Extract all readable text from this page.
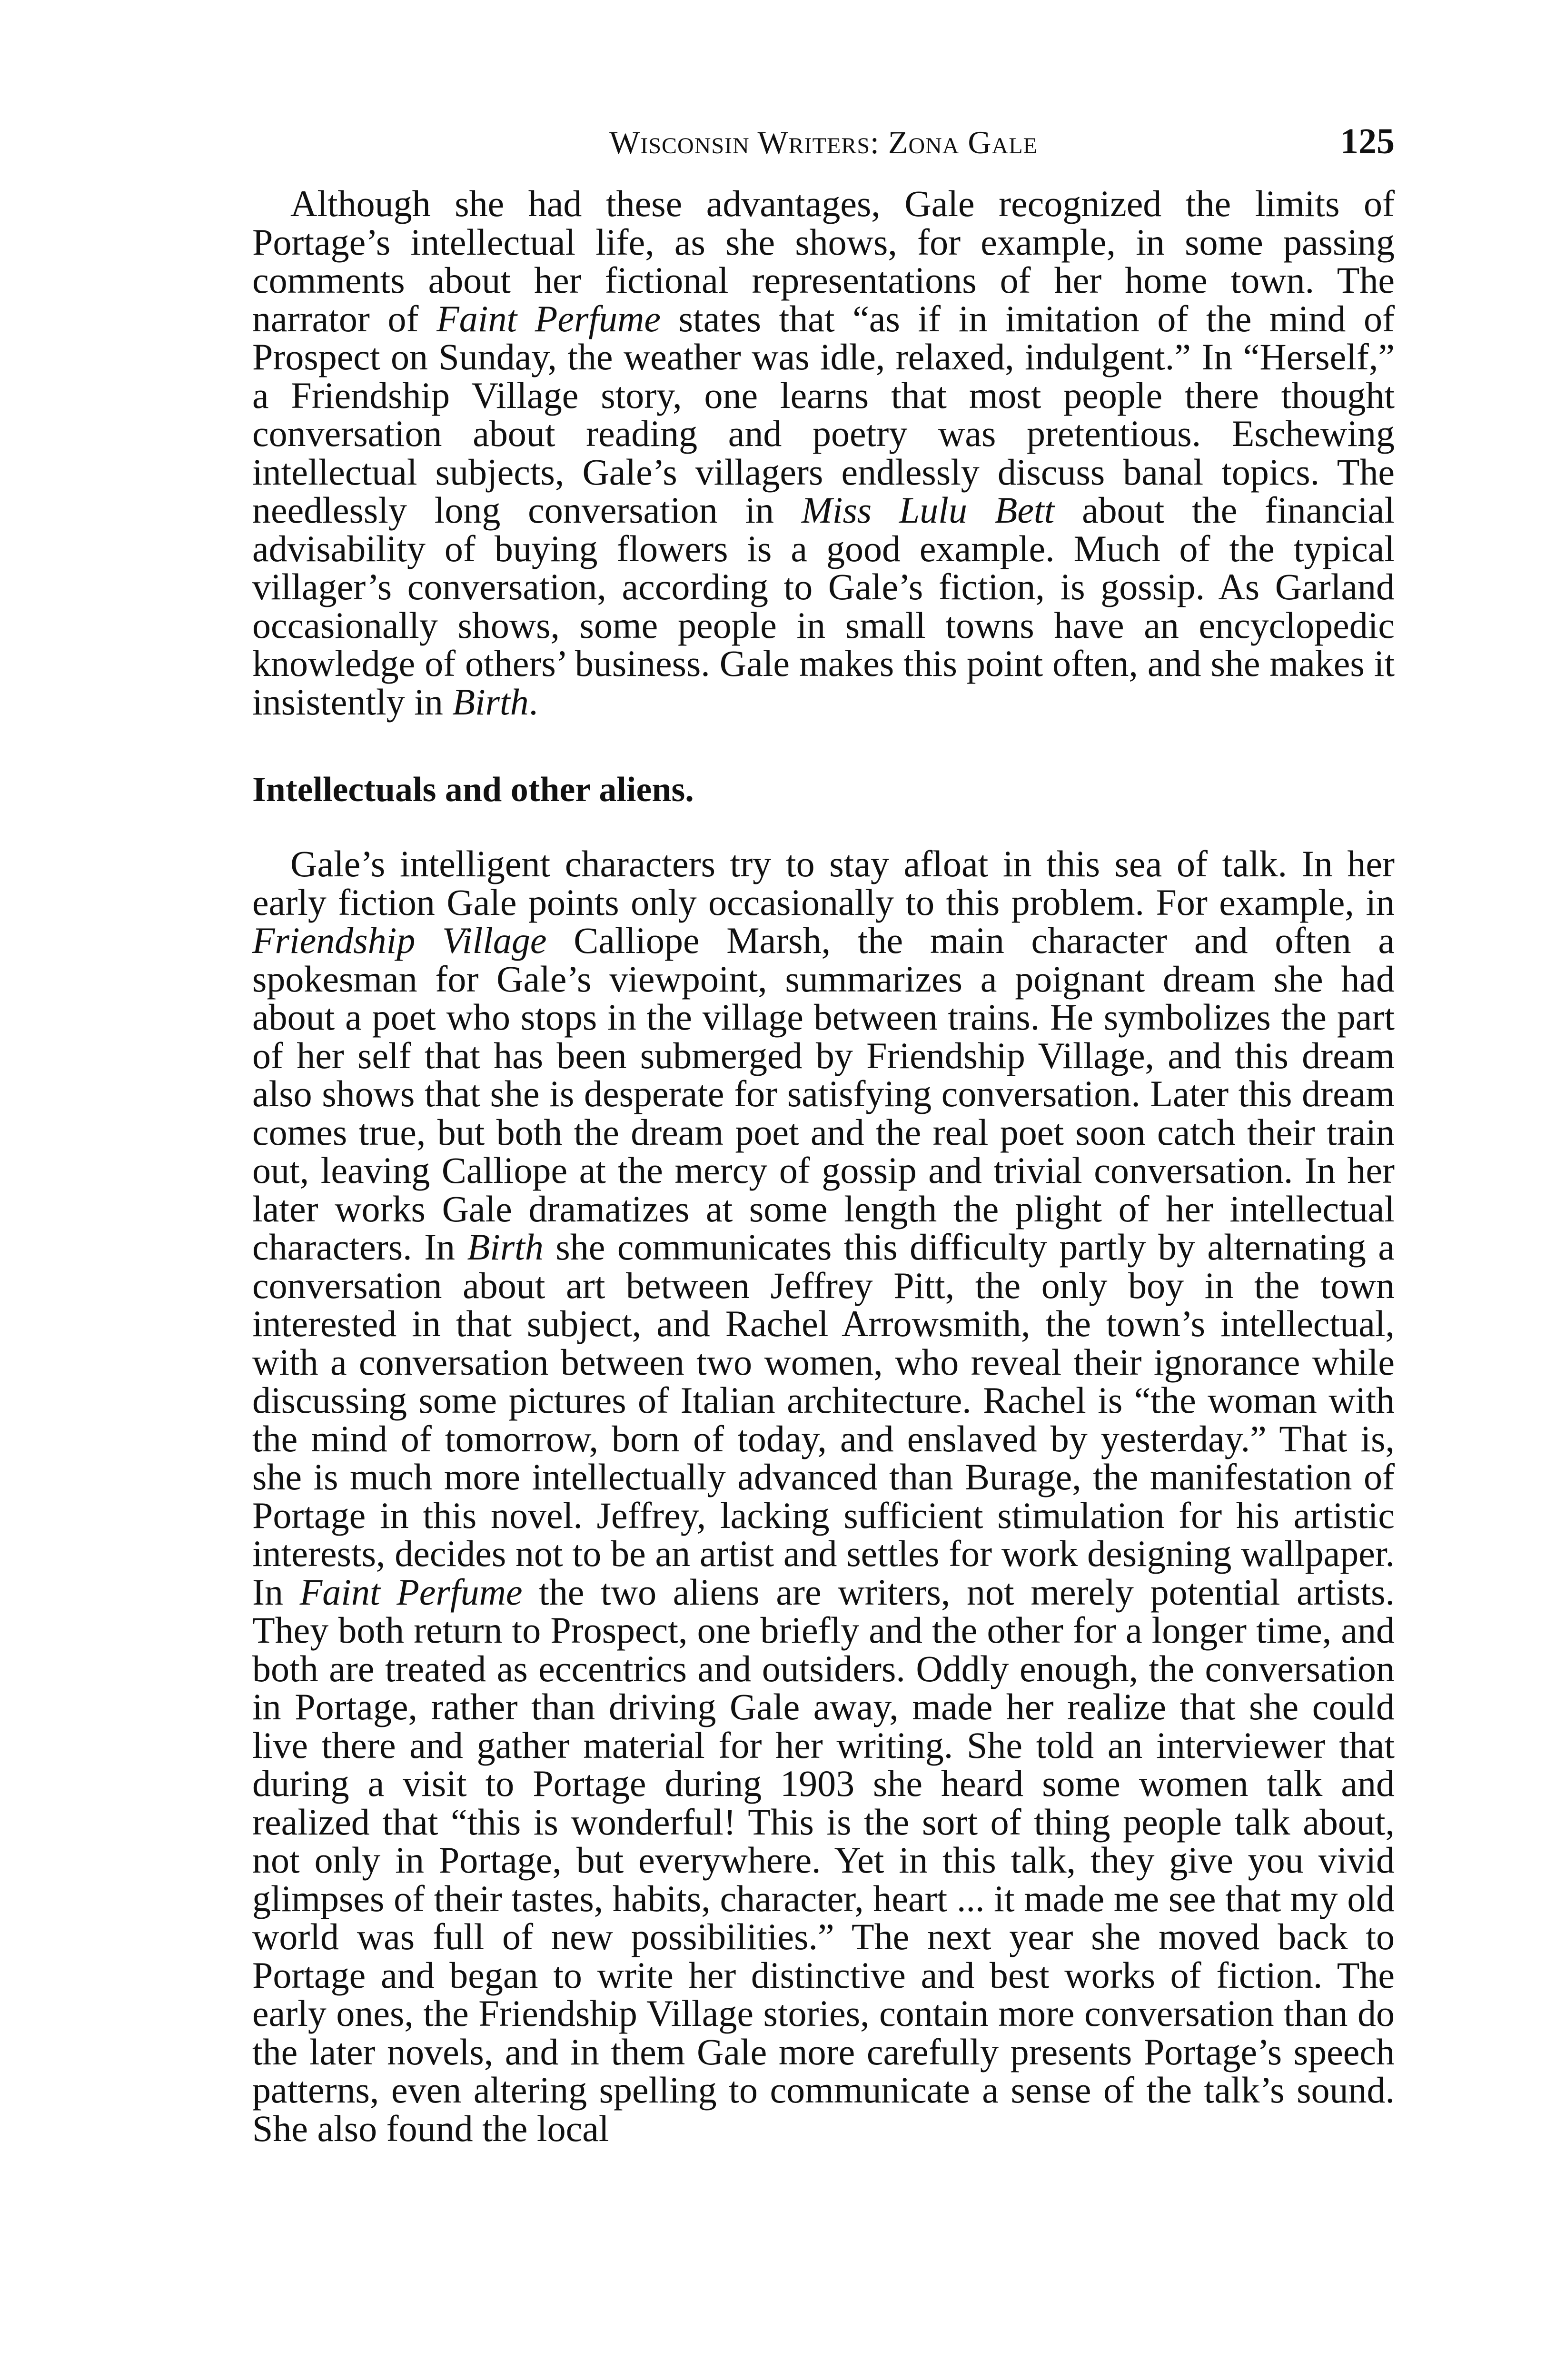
Wisconsin Writers: Zona Gale	125

Although she had these advantages, Gale recognized the limits of Portage’s intellectual life, as she shows, for example, in some passing comments about her fictional representations of her home town. The narrator of Faint Perfume states that “as if in imitation of the mind of Prospect on Sunday, the weather was idle, relaxed, indulgent.” In “Herself,” a Friendship Village story, one learns that most people there thought conversation about reading and poetry was pretentious. Eschewing intellectual subjects, Gale’s villagers endlessly discuss banal topics. The needlessly long conversation in Miss Lulu Bett about the financial advisability of buying flowers is a good example. Much of the typical villager’s conversation, according to Gale’s fiction, is gossip. As Garland occasionally shows, some people in small towns have an encyclopedic knowledge of others’ business. Gale makes this point often, and she makes it insistently in Birth.

Intellectuals and other aliens.

Gale’s intelligent characters try to stay afloat in this sea of talk. In her early fiction Gale points only occasionally to this problem. For example, in Friendship Village Calliope Marsh, the main character and often a spokesman for Gale’s viewpoint, summarizes a poignant dream she had about a poet who stops in the village between trains. He symbolizes the part of her self that has been submerged by Friendship Village, and this dream also shows that she is desperate for satisfying conversation. Later this dream comes true, but both the dream poet and the real poet soon catch their train out, leaving Calliope at the mercy of gossip and trivial conversation. In her later works Gale dramatizes at some length the plight of her intellectual characters. In Birth she communicates this difficulty partly by alternating a conversation about art between Jeffrey Pitt, the only boy in the town interested in that subject, and Rachel Arrowsmith, the town’s intellectual, with a conversation between two women, who reveal their ignorance while discussing some pictures of Italian architecture. Rachel is “the woman with the mind of tomorrow, born of today, and enslaved by yesterday.” That is, she is much more intellectually advanced than Burage, the manifestation of Portage in this novel. Jeffrey, lacking sufficient stimulation for his artistic interests, decides not to be an artist and settles for work designing wallpaper. In Faint Perfume the two aliens are writers, not merely potential artists. They both return to Prospect, one briefly and the other for a longer time, and both are treated as eccentrics and outsiders. Oddly enough, the conversation in Portage, rather than driving Gale away, made her realize that she could live there and gather material for her writing. She told an interviewer that during a visit to Portage during 1903 she heard some women talk and realized that “this is wonderful! This is the sort of thing people talk about, not only in Portage, but everywhere. Yet in this talk, they give you vivid glimpses of their tastes, habits, character, heart ... it made me see that my old world was full of new possibilities.” The next year she moved back to Portage and began to write her distinctive and best works of fiction. The early ones, the Friendship Village stories, contain more conversation than do the later novels, and in them Gale more carefully presents Portage’s speech patterns, even altering spelling to communicate a sense of the talk’s sound. She also found the local
